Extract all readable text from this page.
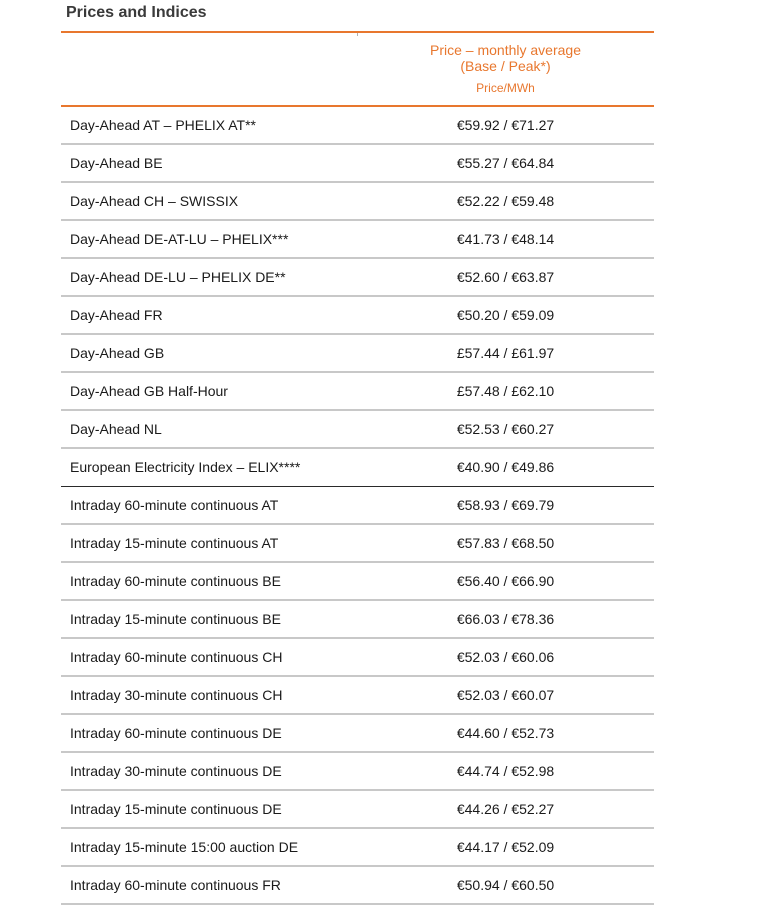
Prices and Indices
Price – monthly average
(Base / Peak*)
Price/MWh
Day-Ahead AT – PHELIX AT**	€59.92 / €71.27
Day-Ahead BE	€55.27 / €64.84
Day-Ahead CH – SWISSIX	€52.22 / €59.48
Day-Ahead DE-AT-LU – PHELIX***	€41.73 / €48.14
Day-Ahead DE-LU – PHELIX DE**	€52.60 / €63.87
Day-Ahead FR	€50.20 / €59.09
Day-Ahead GB	£57.44 / £61.97
Day-Ahead GB Half-Hour	£57.48 / £62.10
Day-Ahead NL	€52.53 / €60.27
European Electricity Index – ELIX****	€40.90 / €49.86
Intraday 60-minute continuous AT	€58.93 / €69.79
Intraday 15-minute continuous AT	€57.83 / €68.50
Intraday 60-minute continuous BE	€56.40 / €66.90
Intraday 15-minute continuous BE	€66.03 / €78.36
Intraday 60-minute continuous CH	€52.03 / €60.06
Intraday 30-minute continuous CH	€52.03 / €60.07
Intraday 60-minute continuous DE	€44.60 / €52.73
Intraday 30-minute continuous DE	€44.74 / €52.98
Intraday 15-minute continuous DE	€44.26 / €52.27
Intraday 15-minute 15:00 auction DE	€44.17 / €52.09
Intraday 60-minute continuous FR	€50.94 / €60.50
